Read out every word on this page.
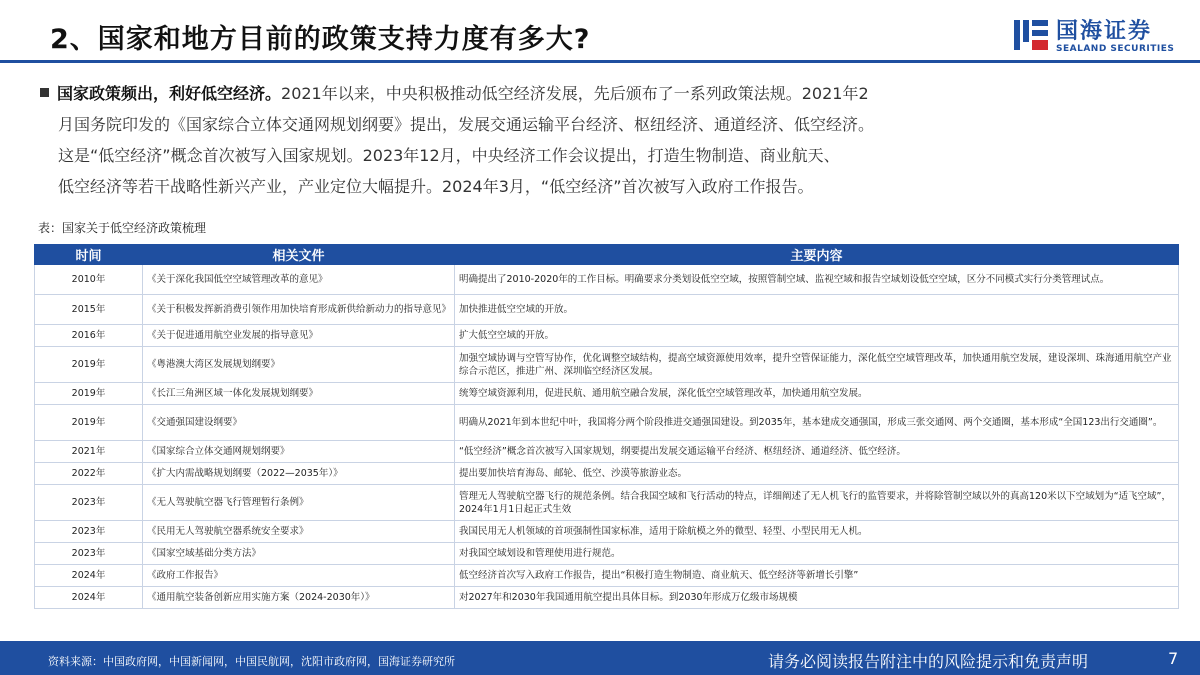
2、国家和地方目前的政策支持力度有多大?	国海证券
SEALAND SECURITIES
国家政策频出，利好低空经济。2021年以来，中央积极推动低空经济发展，先后颁布了一系列政策法规。2021年2
月国务院印发的《国家综合立体交通网规划纲要》提出，发展交通运输平台经济、枢纽经济、通道经济、低空经济。
这是“低空经济”概念首次被写入国家规划。2023年12月，中央经济工作会议提出，打造生物制造、商业航天、
低空经济等若干战略性新兴产业，产业定位大幅提升。2024年3月，“低空经济”首次被写入政府工作报告。
表：国家关于低空经济政策梳理
时间	相关文件	主要内容
2010年	《关于深化我国低空空域管理改革的意见》	明确提出了2010-2020年的工作目标。明确要求分类划设低空空域，按照管制空域、监视空域和报告空域划设低空空域，区分不同模式实行分类管理试点。
2015年	《关于积极发挥新消费引领作用加快培育形成新供给新动力的指导意见》	加快推进低空空域的开放。
2016年	《关于促进通用航空业发展的指导意见》	扩大低空空域的开放。
2019年	《粤港澳大湾区发展规划纲要》	加强空域协调与空管写协作，优化调整空域结构，提高空域资源使用效率，提升空管保证能力，深化低空空域管理改革，加快通用航空发展，建设深圳、珠海通用航空产业综合示范区，推进广州、深圳临空经济区发展。
2019年	《长江三角洲区域一体化发展规划纲要》	统筹空域资源利用，促进民航、通用航空融合发展，深化低空空域管理改革，加快通用航空发展。
2019年	《交通强国建设纲要》	明确从2021年到本世纪中叶，我国将分两个阶段推进交通强国建设。到2035年，基本建成交通强国，形成三张交通网、两个交通圈，基本形成“全国123出行交通圈”。
2021年	《国家综合立体交通网规划纲要》	“低空经济”概念首次被写入国家规划，纲要提出发展交通运输平台经济、枢纽经济、通道经济、低空经济。
2022年	《扩大内需战略规划纲要（2022—2035年）》	提出要加快培育海岛、邮轮、低空、沙漠等旅游业态。
2023年	《无人驾驶航空器飞行管理暂行条例》	管理无人驾驶航空器飞行的规范条例。结合我国空域和飞行活动的特点，详细阐述了无人机飞行的监管要求，并将除管制空域以外的真高120米以下空域划为“适飞空域”，2024年1月1日起正式生效
2023年	《民用无人驾驶航空器系统安全要求》	我国民用无人机领域的首项强制性国家标准，适用于除航模之外的微型、轻型、小型民用无人机。
2023年	《国家空域基础分类方法》	对我国空域划设和管理使用进行规范。
2024年	《政府工作报告》	低空经济首次写入政府工作报告，提出“积极打造生物制造、商业航天、低空经济等新增长引擎”
2024年	《通用航空装备创新应用实施方案（2024-2030年）》	对2027年和2030年我国通用航空提出具体目标。到2030年形成万亿级市场规模
资料来源：中国政府网，中国新闻网，中国民航网，沈阳市政府网，国海证券研究所	请务必阅读报告附注中的风险提示和免责声明	7
